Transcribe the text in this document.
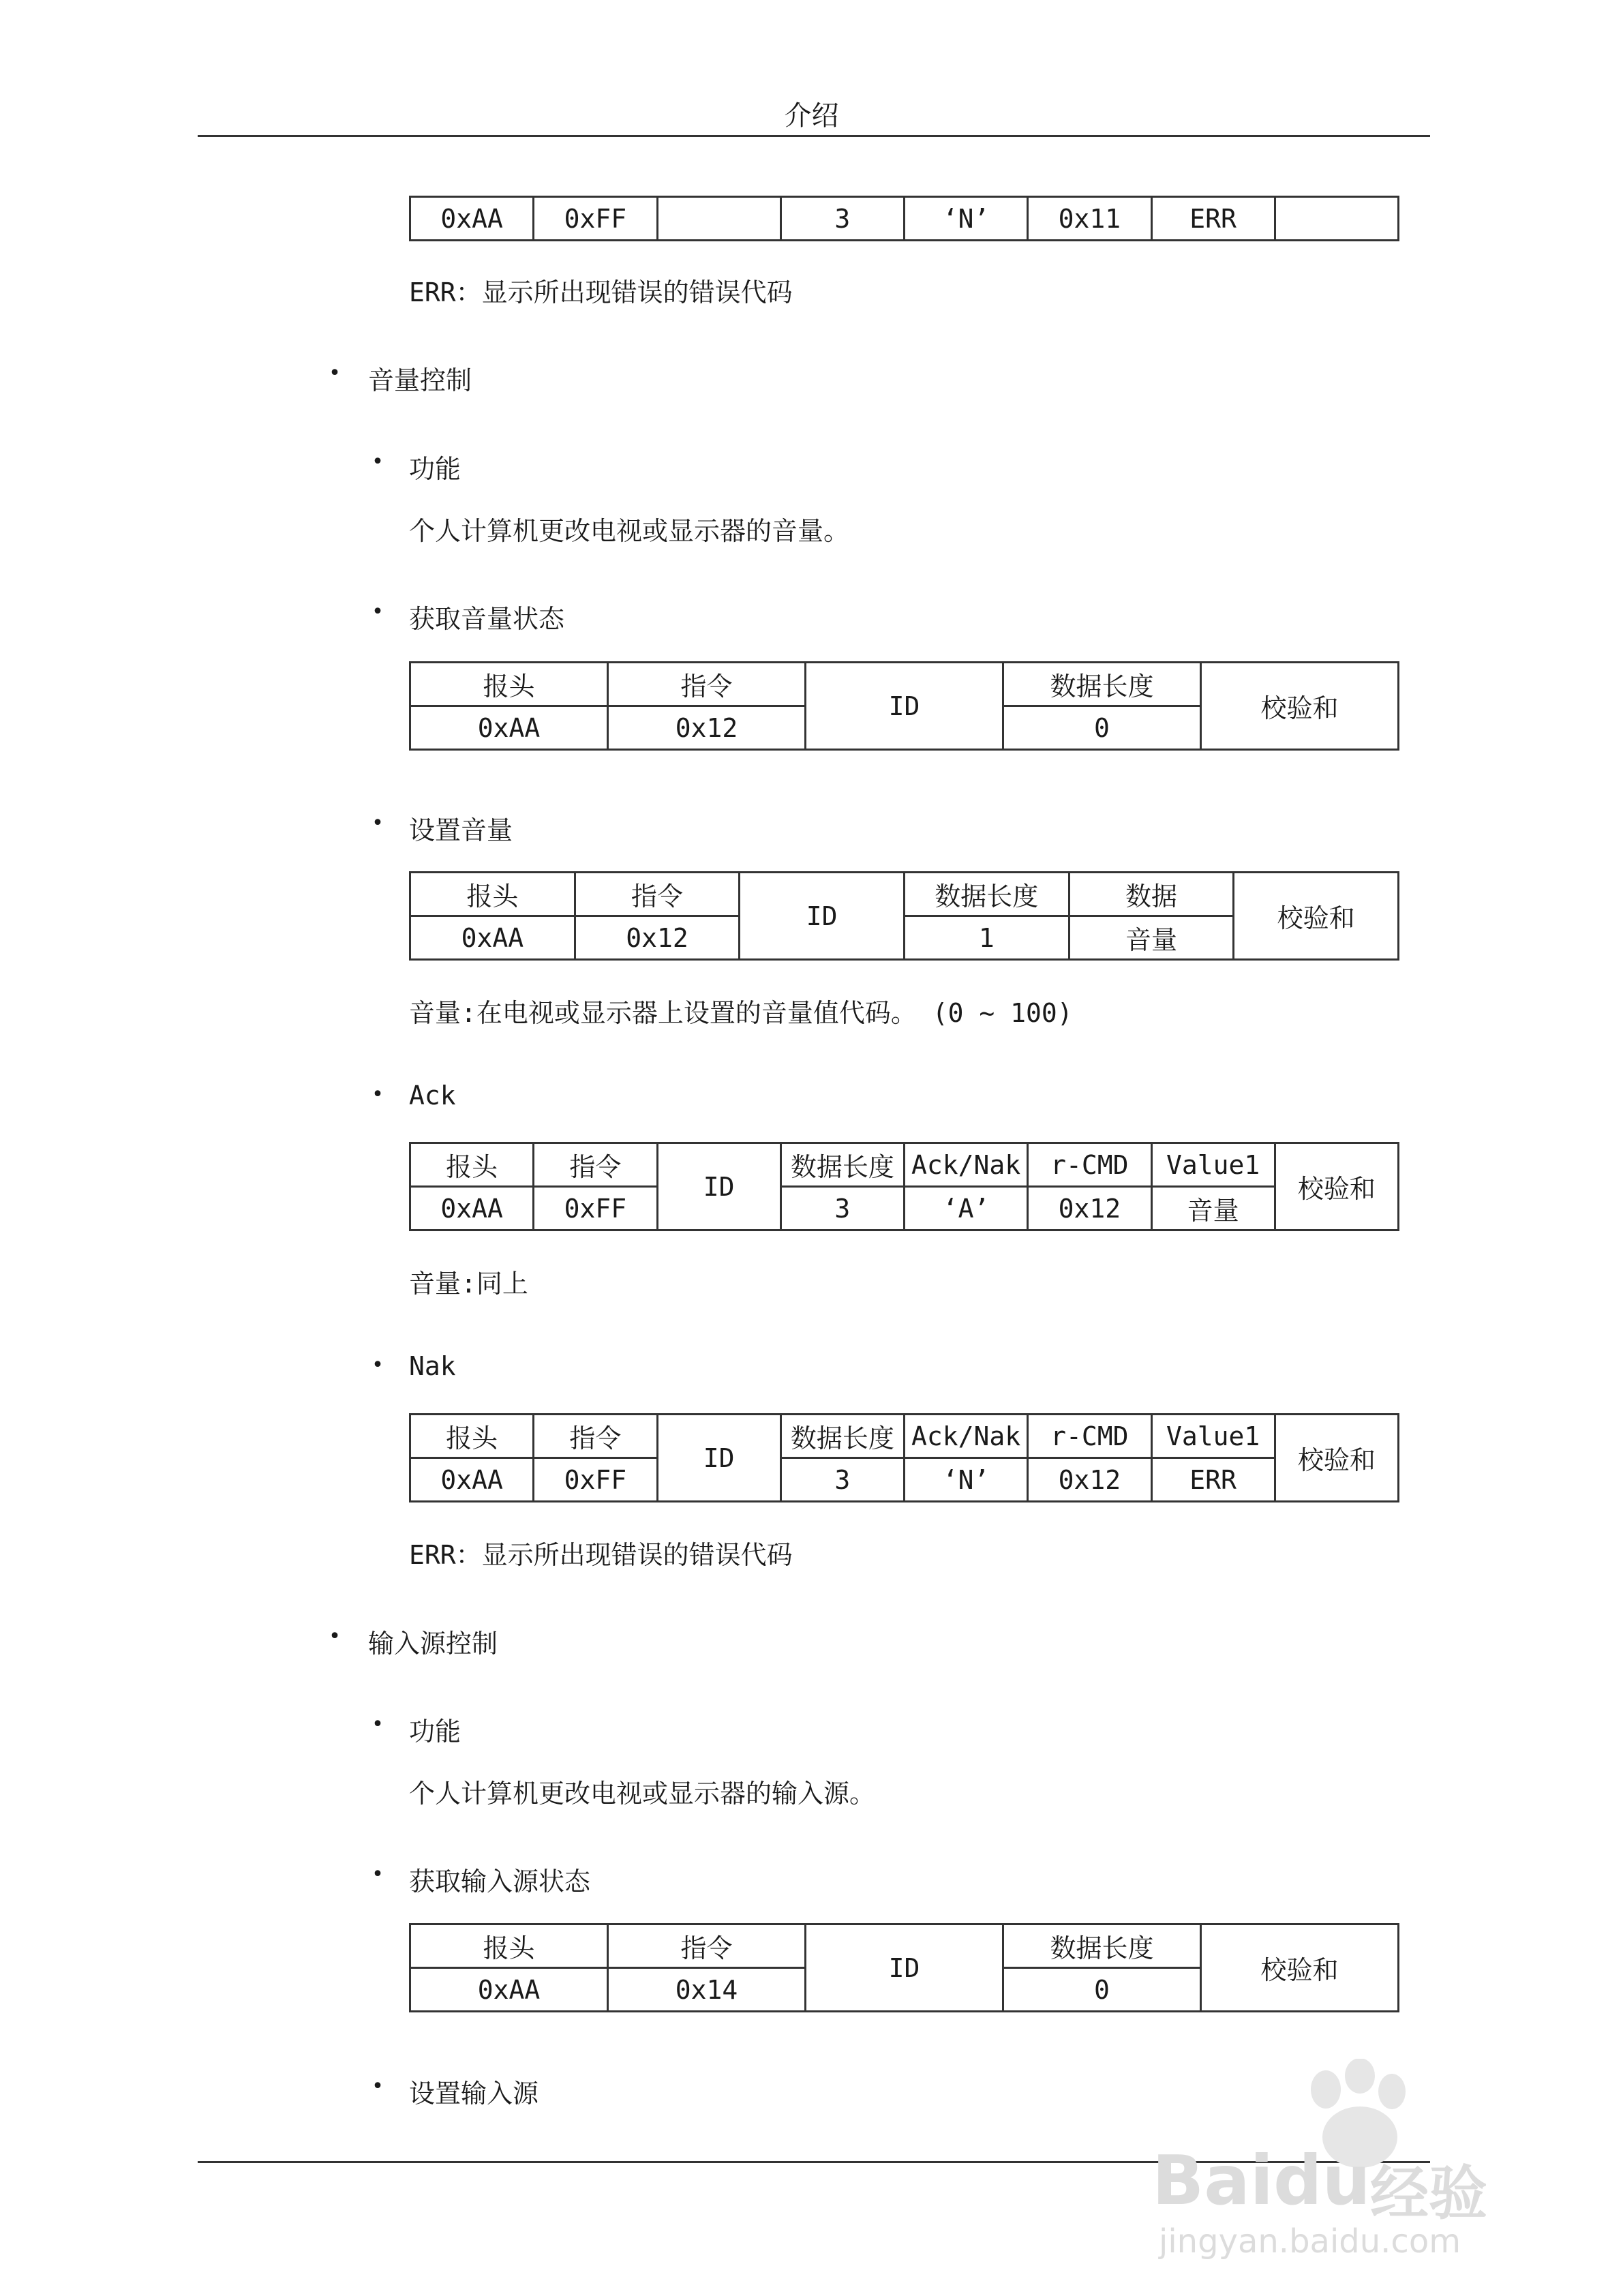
介绍
0xAA	0xFF		3	‘N’	0x11	ERR	
ERR：显示所出现错误的错误代码
• 音量控制
• 功能
个人计算机更改电视或显示器的音量。
• 获取音量状态
报头	指令	ID	数据长度	校验和
0xAA	0x12		0	
• 设置音量
报头	指令	ID	数据长度	数据	校验和
0xAA	0x12		1	音量	
音量:在电视或显示器上设置的音量值代码。 (0 ~ 100)
• Ack
报头	指令	ID	数据长度	Ack/Nak	r-CMD	Value1	校验和
0xAA	0xFF		3	‘A’	0x12	音量	
音量:同上
• Nak
报头	指令	ID	数据长度	Ack/Nak	r-CMD	Value1	校验和
0xAA	0xFF		3	‘N’	0x12	ERR	
ERR：显示所出现错误的错误代码
• 输入源控制
• 功能
个人计算机更改电视或显示器的输入源。
• 获取输入源状态
报头	指令	ID	数据长度	校验和
0xAA	0x14		0	
• 设置输入源
Baidu 经验
jingyan.baidu.com
